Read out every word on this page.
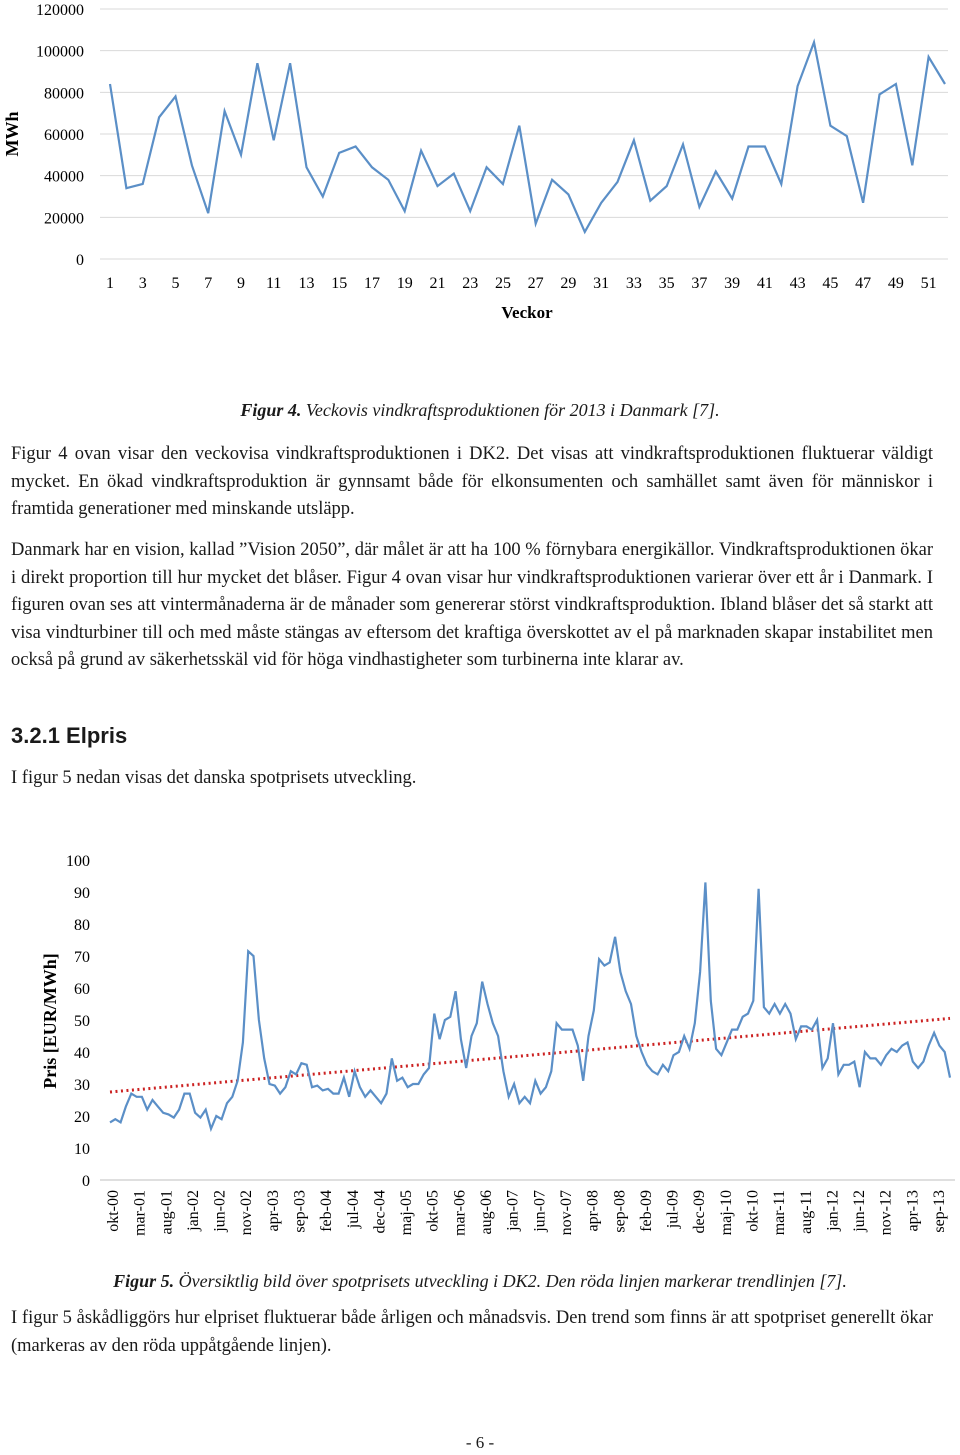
0
20000
40000
60000
80000
100000
120000
1 3 5 7 9 11 13 15 17 19 21 23 25 27 29 31 33 35 37 39 41 43 45 47 49 51
MWh
Veckor
Figur 4. Veckovis vindkraftsproduktionen för 2013 i Danmark [7].
Figur 4 ovan visar den veckovisa vindkraftsproduktionen i DK2. Det visas att vindkraftsproduktionen fluktuerar väldigt mycket. En ökad vindkraftsproduktion är gynnsamt både för elkonsumenten och samhället samt även för människor i framtida generationer med minskande utsläpp.
Danmark har en vision, kallad ”Vision 2050”, där målet är att ha 100 % förnybara energikällor. Vindkraftsproduktionen ökar i direkt proportion till hur mycket det blåser. Figur 4 ovan visar hur vindkraftsproduktionen varierar över ett år i Danmark. I figuren ovan ses att vintermånaderna är de månader som genererar störst vindkraftsproduktion. Ibland blåser det så starkt att visa vindturbiner till och med måste stängas av eftersom det kraftiga överskottet av el på marknaden skapar instabilitet men också på grund av säkerhetsskäl vid för höga vindhastigheter som turbinerna inte klarar av.
3.2.1 Elpris
I figur 5 nedan visas det danska spotprisets utveckling.
0
10
20
30
40
50
60
70
80
90
100
okt-00 mar-01 aug-01 jan-02 jun-02 nov-02 apr-03 sep-03 feb-04 jul-04 dec-04 maj-05 okt-05 mar-06 aug-06 jan-07 jun-07 nov-07 apr-08 sep-08 feb-09 jul-09 dec-09 maj-10 okt-10 mar-11 aug-11 jan-12 jun-12 nov-12 apr-13 sep-13
Pris [EUR/MWh]
Figur 5. Översiktlig bild över spotprisets utveckling i DK2. Den röda linjen markerar trendlinjen [7].
I figur 5 åskådliggörs hur elpriset fluktuerar både årligen och månadsvis. Den trend som finns är att spotpriset generellt ökar (markeras av den röda uppåtgående linjen).
- 6 -
